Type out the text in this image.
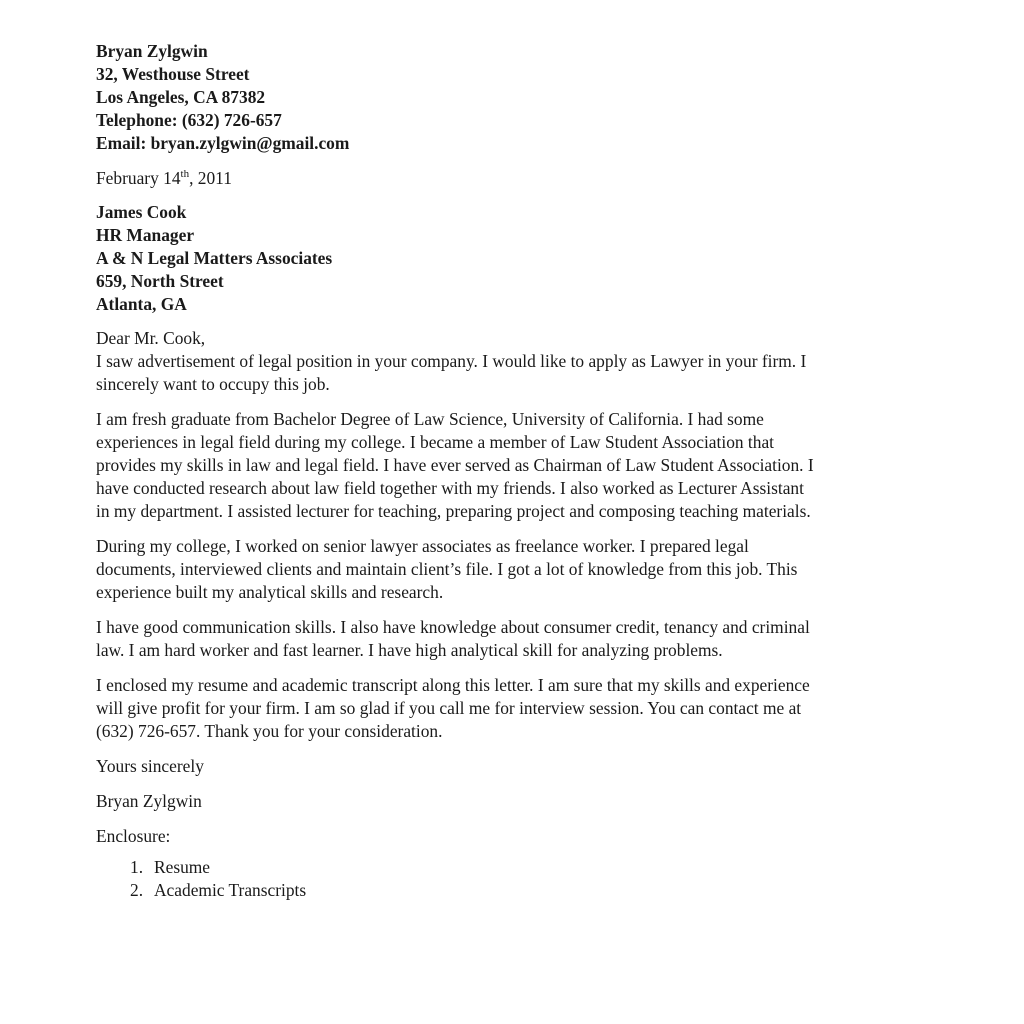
Bryan Zylgwin
32, Westhouse Street
Los Angeles, CA 87382
Telephone: (632) 726-657
Email: bryan.zylgwin@gmail.com
February 14th, 2011
James Cook
HR Manager
A & N Legal Matters Associates
659, North Street
Atlanta, GA
Dear Mr. Cook,
I saw advertisement of legal position in your company. I would like to apply as Lawyer in your firm. I
sincerely want to occupy this job.
I am fresh graduate from Bachelor Degree of Law Science, University of California. I had some
experiences in legal field during my college. I became a member of Law Student Association that
provides my skills in law and legal field. I have ever served as Chairman of Law Student Association. I
have conducted research about law field together with my friends. I also worked as Lecturer Assistant
in my department. I assisted lecturer for teaching, preparing project and composing teaching materials.
During my college, I worked on senior lawyer associates as freelance worker. I prepared legal
documents, interviewed clients and maintain client’s file. I got a lot of knowledge from this job. This
experience built my analytical skills and research.
I have good communication skills. I also have knowledge about consumer credit, tenancy and criminal
law. I am hard worker and fast learner. I have high analytical skill for analyzing problems.
I enclosed my resume and academic transcript along this letter. I am sure that my skills and experience
will give profit for your firm. I am so glad if you call me for interview session. You can contact me at
(632) 726-657. Thank you for your consideration.
Yours sincerely
Bryan Zylgwin
Enclosure:
1. Resume
2. Academic Transcripts
